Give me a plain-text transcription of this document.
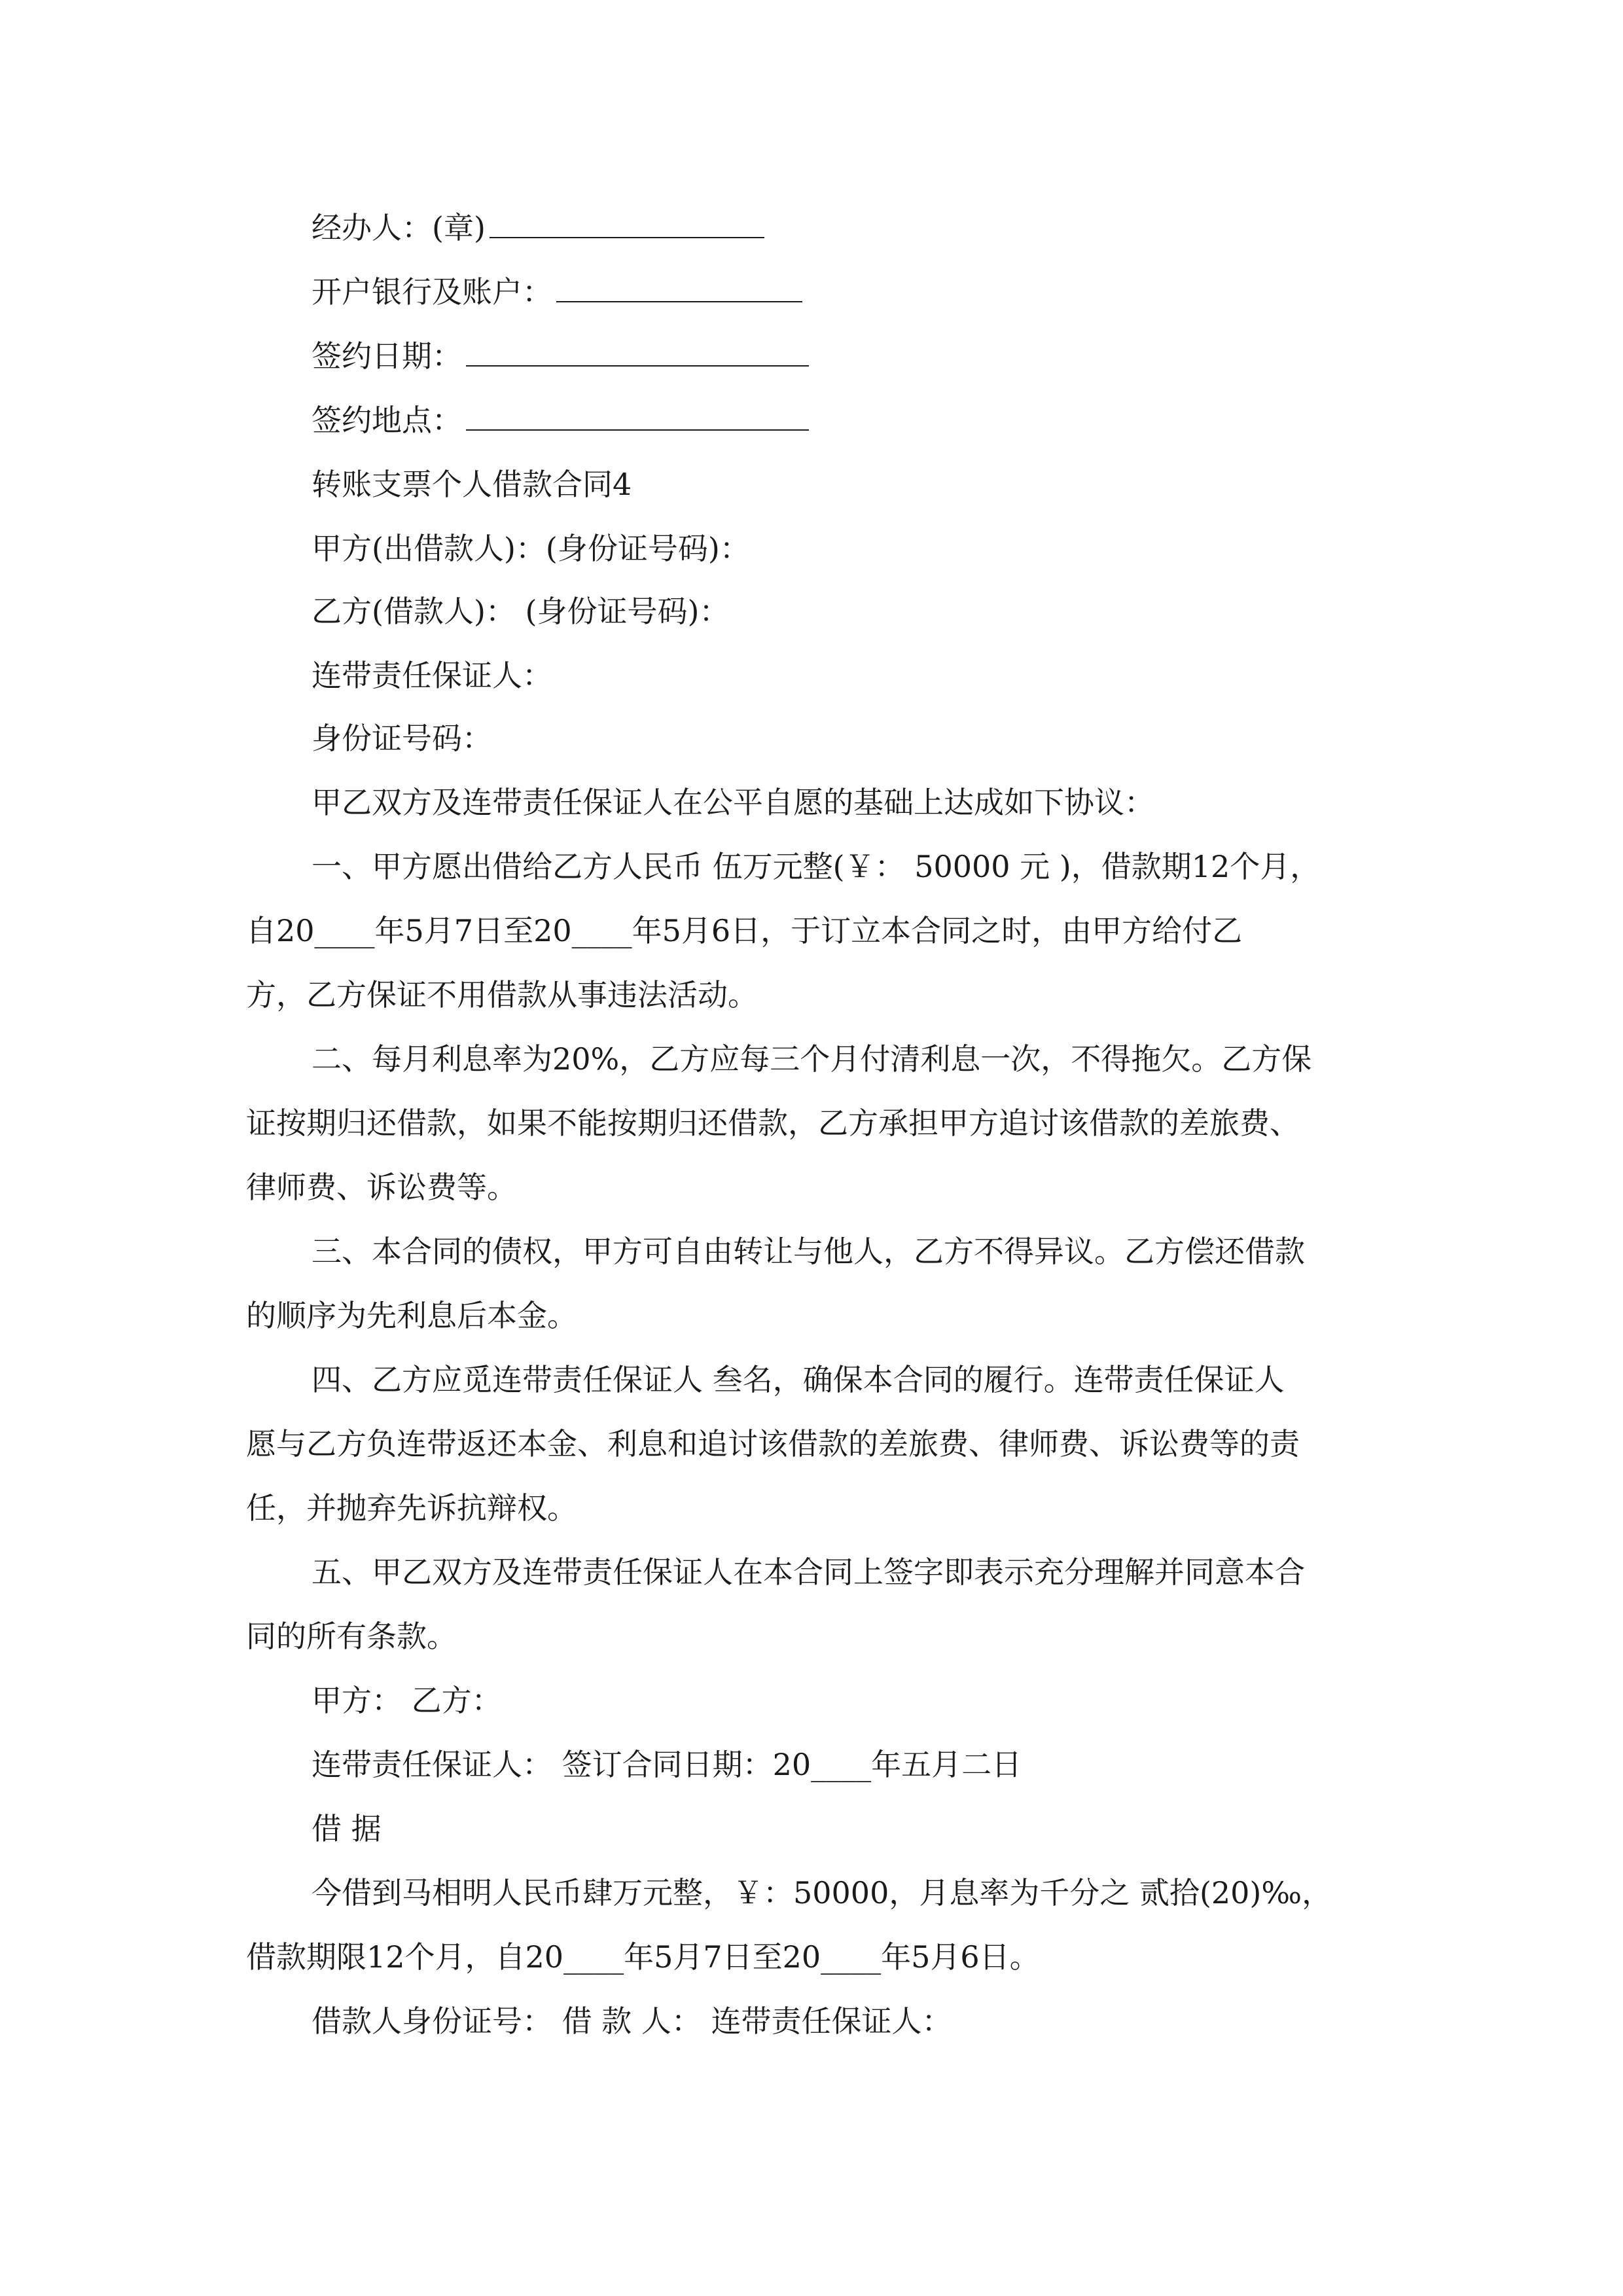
经办人：(章)
开户银行及账户：
签约日期：
签约地点：
转账支票个人借款合同4
甲方(出借款人)：(身份证号码)：
乙方(借款人)： (身份证号码)：
连带责任保证人：
身份证号码：
甲乙双方及连带责任保证人在公平自愿的基础上达成如下协议：
一、甲方愿出借给乙方人民币 伍万元整(￥： 50000 元 )，借款期12个月，
自20____年5月7日至20____年5月6日，于订立本合同之时，由甲方给付乙
方，乙方保证不用借款从事违法活动。
二、每月利息率为20%，乙方应每三个月付清利息一次，不得拖欠。乙方保
证按期归还借款，如果不能按期归还借款，乙方承担甲方追讨该借款的差旅费、
律师费、诉讼费等。
三、本合同的债权，甲方可自由转让与他人，乙方不得异议。乙方偿还借款
的顺序为先利息后本金。
四、乙方应觅连带责任保证人 叁名，确保本合同的履行。连带责任保证人
愿与乙方负连带返还本金、利息和追讨该借款的差旅费、律师费、诉讼费等的责
任，并抛弃先诉抗辩权。
五、甲乙双方及连带责任保证人在本合同上签字即表示充分理解并同意本合
同的所有条款。
甲方： 乙方：
连带责任保证人： 签订合同日期：20____年五月二日
借 据
今借到马相明人民币肆万元整，￥：50000，月息率为千分之 贰拾(20)‰，
借款期限12个月，自20____年5月7日至20____年5月6日。
借款人身份证号： 借 款 人： 连带责任保证人：
